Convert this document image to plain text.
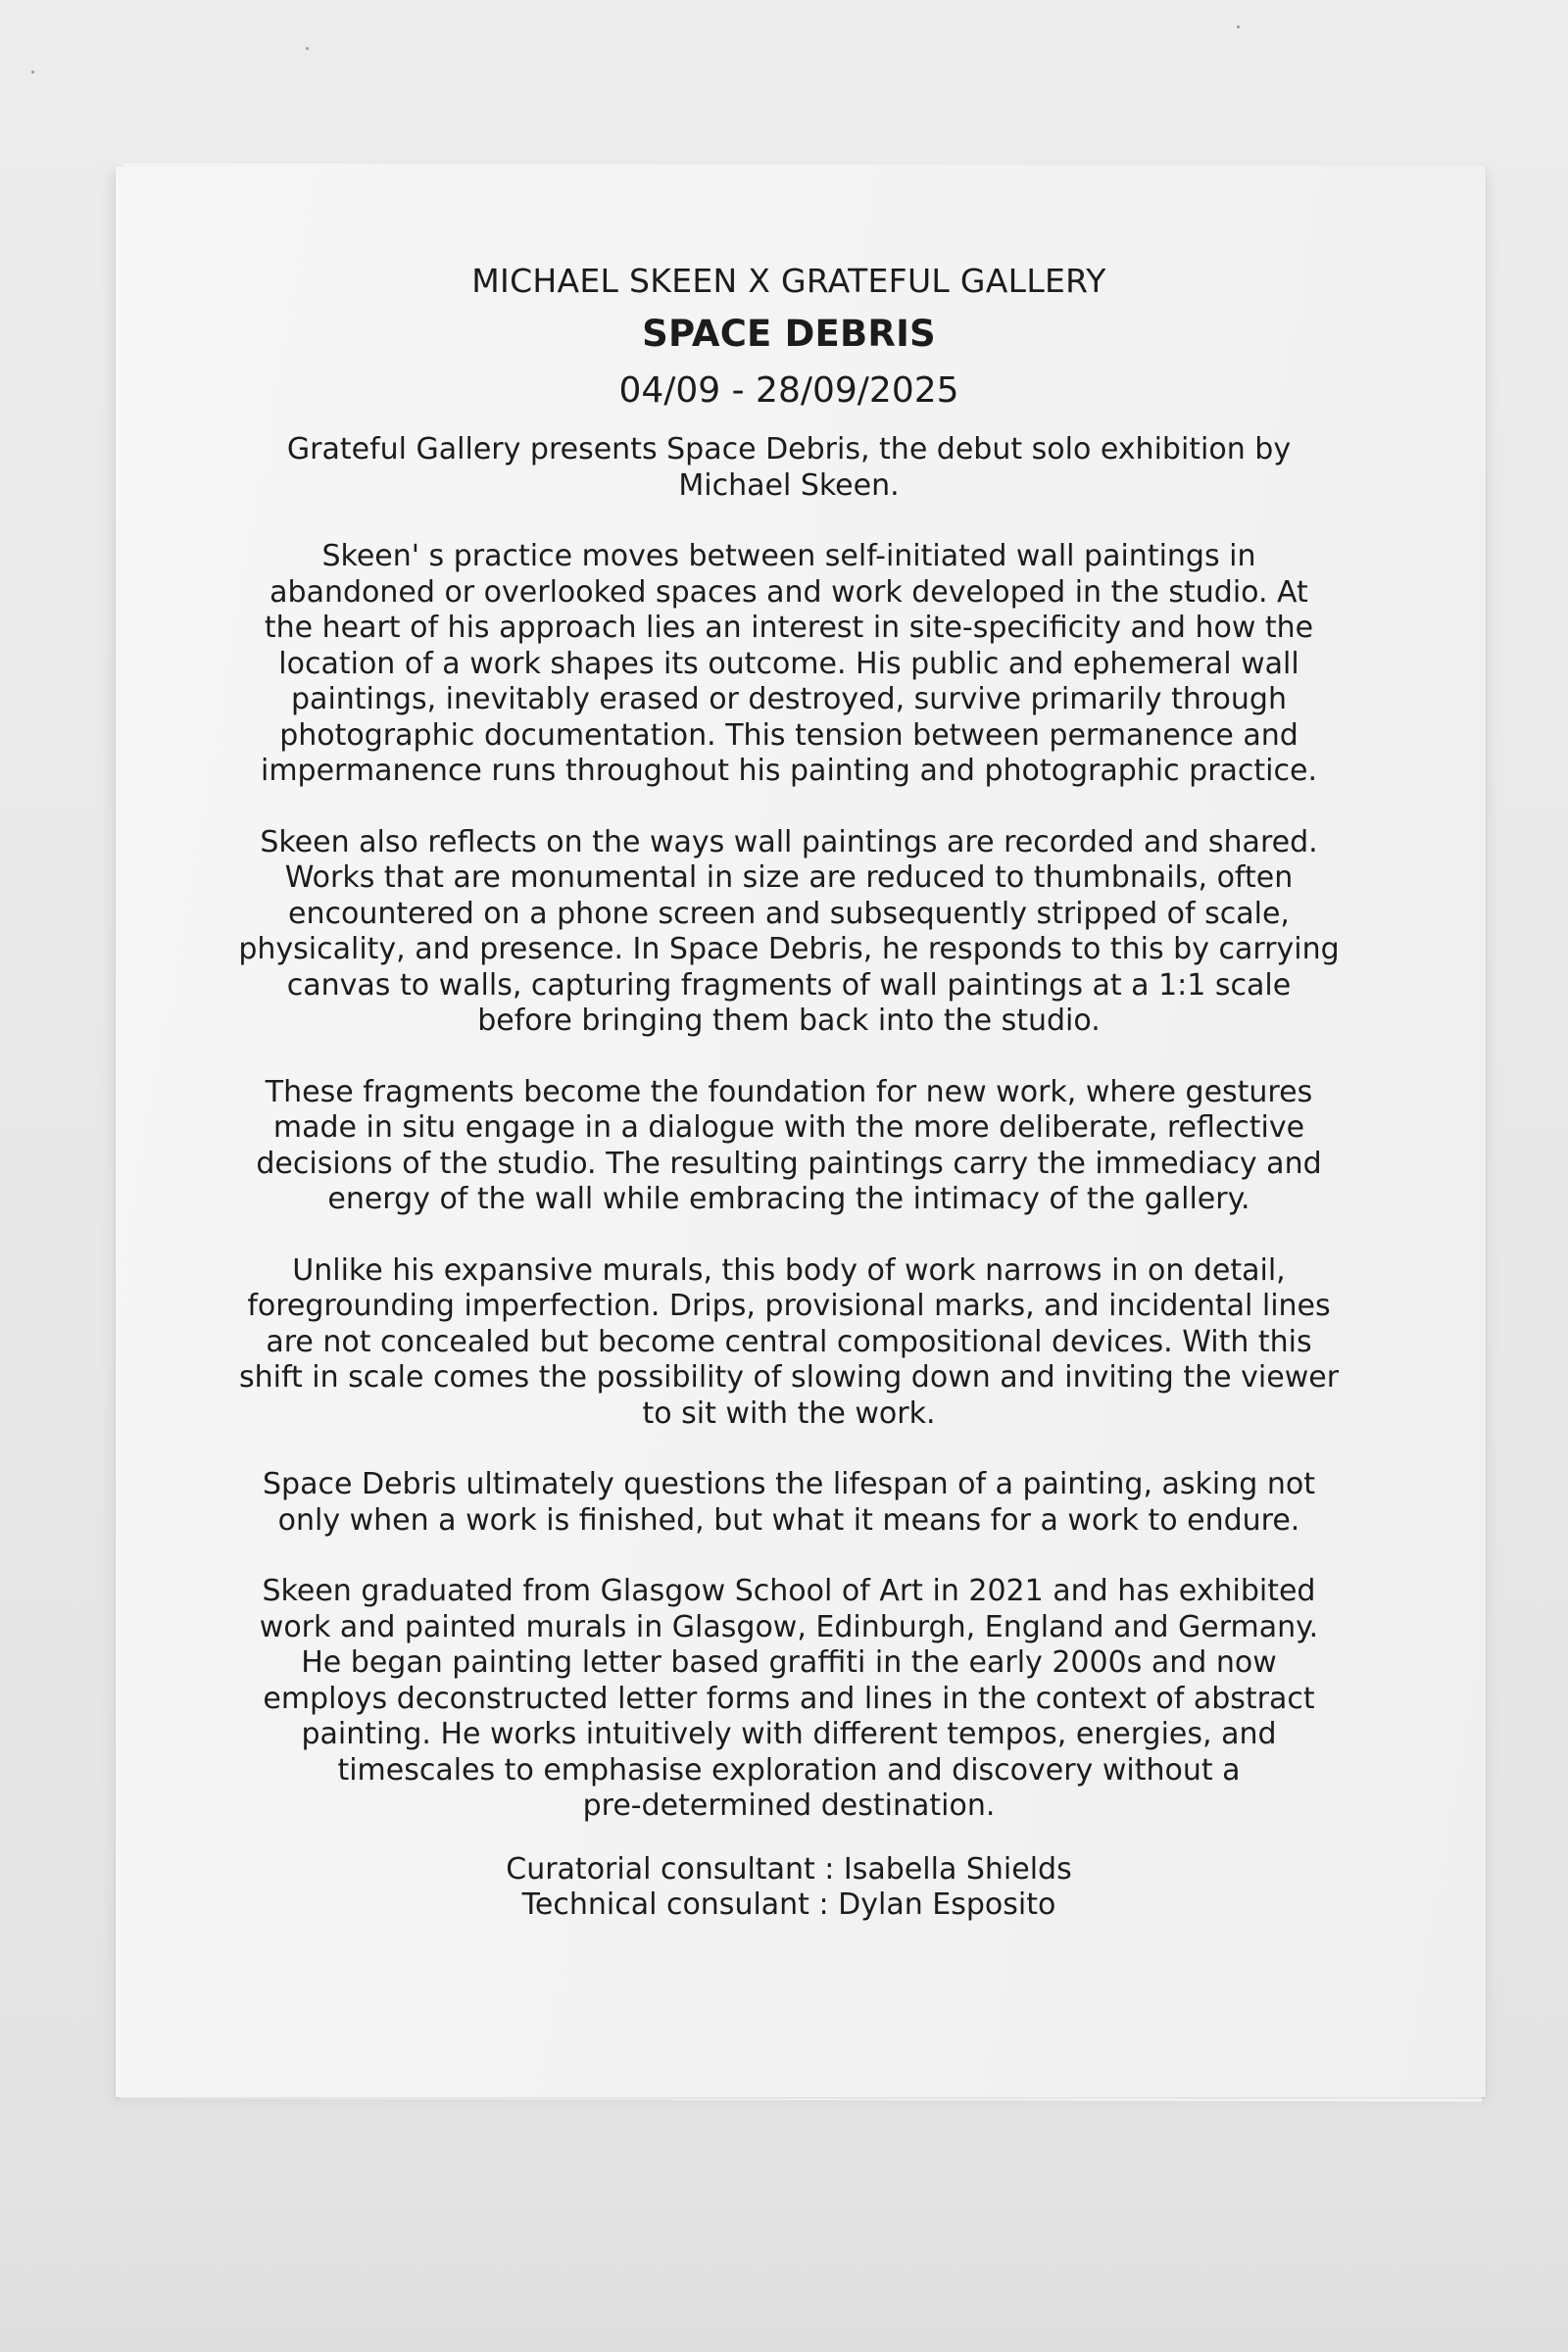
MICHAEL SKEEN X GRATEFUL GALLERY
SPACE DEBRIS

04/09 - 28/09/2025

Grateful Gallery presents Space Debris, the debut solo exhibition by
Michael Skeen.

Skeen' s practice moves between self-initiated wall paintings in
abandoned or overlooked spaces and work developed in the studio. At
the heart of his approach lies an interest in site-specificity and how the
location of a work shapes its outcome. His public and ephemeral wall
paintings, inevitably erased or destroyed, survive primarily through
photographic documentation. This tension between permanence and
impermanence runs throughout his painting and photographic practice.

Skeen also reflects on the ways wall paintings are recorded and shared.
Works that are monumental in size are reduced to thumbnails, often
encountered on a phone screen and subsequently stripped of scale,
physicality, and presence. In Space Debris, he responds to this by carrying
canvas to walls, capturing fragments of wall paintings at a 1:1 scale
before bringing them back into the studio.

These fragments become the foundation for new work, where gestures
made in situ engage in a dialogue with the more deliberate, reflective
decisions of the studio. The resulting paintings carry the immediacy and
energy of the wall while embracing the intimacy of the gallery.

Unlike his expansive murals, this body of work narrows in on detail,
foregrounding imperfection. Drips, provisional marks, and incidental lines
are not concealed but become central compositional devices. With this
shift in scale comes the possibility of slowing down and inviting the viewer
to sit with the work.

Space Debris ultimately questions the lifespan of a painting, asking not
only when a work is finished, but what it means for a work to endure.

Skeen graduated from Glasgow School of Art in 2021 and has exhibited
work and painted murals in Glasgow, Edinburgh, England and Germany.
He began painting letter based graffiti in the early 2000s and now
employs deconstructed letter forms and lines in the context of abstract
painting. He works intuitively with different tempos, energies, and
timescales to emphasise exploration and discovery without a
pre-determined destination.

Curatorial consultant : Isabella Shields
Technical consulant : Dylan Esposito
